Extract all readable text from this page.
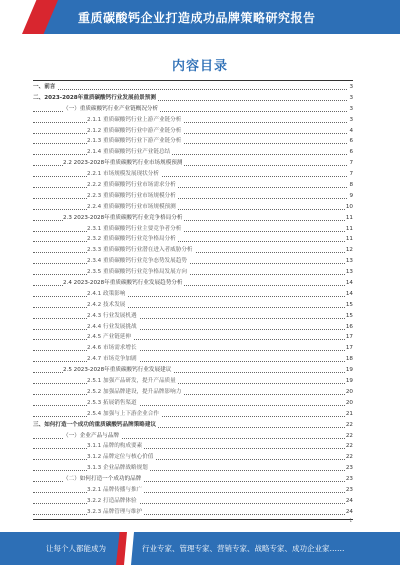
重质碳酸钙企业打造成功品牌策略研究报告
内容目录
一、前言	3
二、2023-2028年重质碳酸钙行业发展前景预测	3
（一）重质碳酸钙行业产业链概况分析	3
2.1.1 重质碳酸钙行业上游产业链分析	3
2.1.2 重质碳酸钙行业中游产业链分析	4
2.1.3 重质碳酸钙行业下游产业链分析	6
2.1.4 重质碳酸钙行业产业链总结	6
2.2 2023-2028年重质碳酸钙行业市场规模预测	7
2.2.1 市场规模发展现状分析	7
2.2.2 重质碳酸钙行业市场需求分析	8
2.2.3 重质碳酸钙行业市场规模分析	9
2.2.4 重质碳酸钙行业市场规模预测	10
2.3 2023-2028年重质碳酸钙行业竞争格局分析	11
2.3.1 重质碳酸钙行业主要竞争者分析	11
2.3.2 重质碳酸钙行业竞争格局分析	11
2.3.3 重质碳酸钙行业潜在进入者威胁分析	12
2.3.4 重质碳酸钙行业竞争态势发展趋势	13
2.3.5 重质碳酸钙行业竞争格局发展方向	13
2.4 2023-2028年重质碳酸钙行业发展趋势分析	14
2.4.1 政策影响	14
2.4.2 技术发展	15
2.4.3 行业发展机遇	15
2.4.4 行业发展挑战	16
2.4.5 产业链延伸	17
2.4.6 市场需求增长	17
2.4.7 市场竞争加剧	18
2.5 2023-2028年重质碳酸钙行业发展建议	19
2.5.1 加强产品研发，提升产品质量	19
2.5.2 加强品牌建设，提升品牌影响力	20
2.5.3 拓展销售渠道	20
2.5.4 加强与上下游企业合作	21
三、如何打造一个成功的重质碳酸钙品牌策略建议	22
（一）企业产品与品牌	22
3.1.1 品牌的构成要素	22
3.1.2 品牌定位与核心价值	22
3.1.3 企业品牌战略规划	23
（二）如何打造一个成功的品牌	23
3.2.1 品牌传播与推广	23
3.2.2 打造品牌体验	24
3.2.3 品牌管理与维护	24
1
让每个人都能成为	行业专家、管理专家、营销专家、战略专家、成功企业家……
